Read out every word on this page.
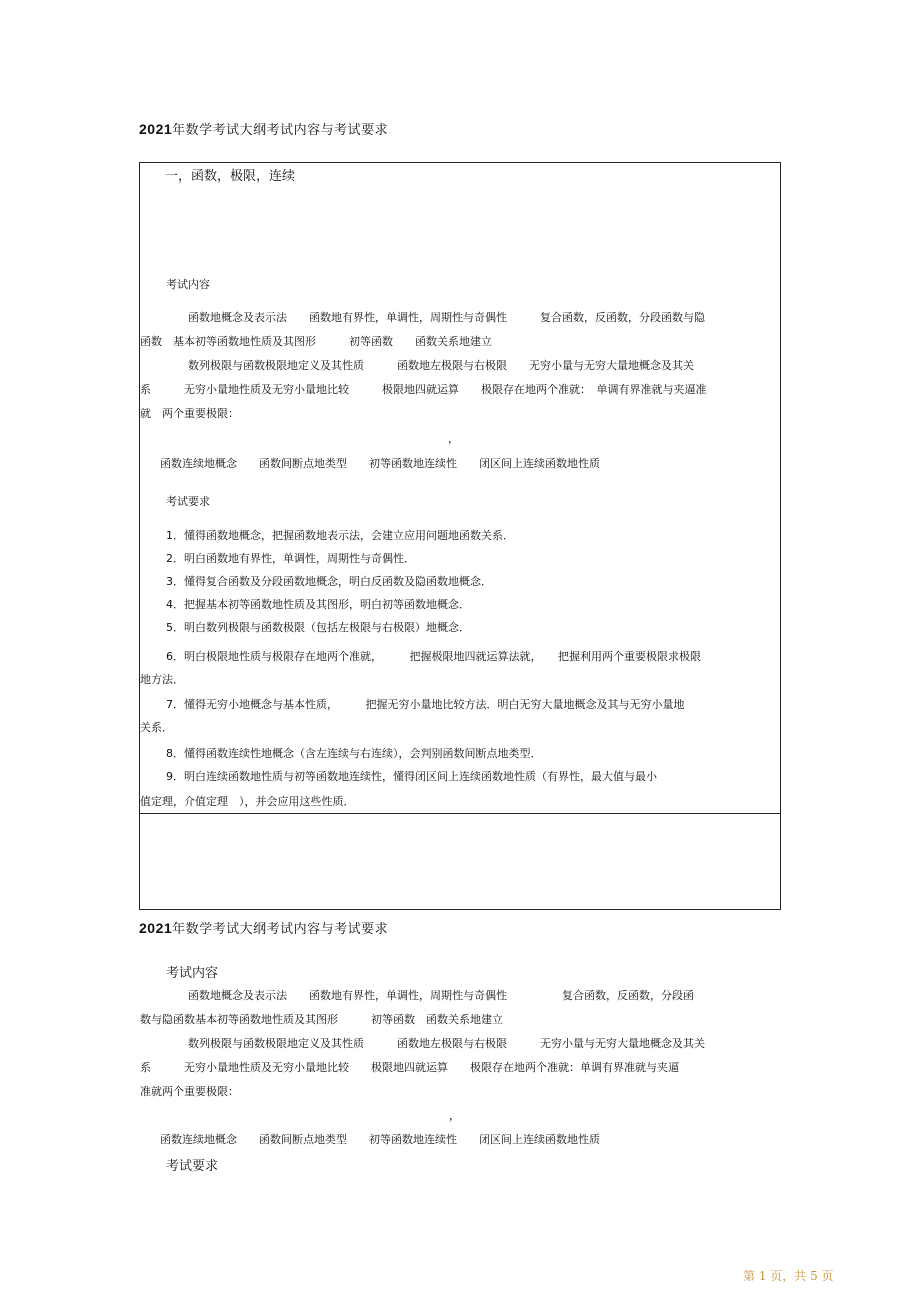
2021年数学考试大纲考试内容与考试要求
一，函数，极限，连续
考试内容
函数地概念及表示法　　函数地有界性，单调性，周期性与奇偶性　　　复合函数，反函数，分段函数与隐
函数　基本初等函数地性质及其图形　　　初等函数　　函数关系地建立
数列极限与函数极限地定义及其性质　　　函数地左极限与右极限　　无穷小量与无穷大量地概念及其关
系　　　无穷小量地性质及无穷小量地比较　　　极限地四就运算　　极限存在地两个准就：　单调有界准就与夹逼准
就　两个重要极限：
，
函数连续地概念　　函数间断点地类型　　初等函数地连续性　　闭区间上连续函数地性质
考试要求
1．懂得函数地概念，把握函数地表示法，会建立应用问题地函数关系．
2．明白函数地有界性，单调性，周期性与奇偶性．
3．懂得复合函数及分段函数地概念，明白反函数及隐函数地概念．
4．把握基本初等函数地性质及其图形，明白初等函数地概念．
5．明白数列极限与函数极限（包括左极限与右极限）地概念．
6．明白极限地性质与极限存在地两个准就，　　　把握极限地四就运算法就，　　把握利用两个重要极限求极限
地方法．
7．懂得无穷小地概念与基本性质，　　　把握无穷小量地比较方法．明白无穷大量地概念及其与无穷小量地
关系．
8．懂得函数连续性地概念（含左连续与右连续），会判别函数间断点地类型．
9．明白连续函数地性质与初等函数地连续性，懂得闭区间上连续函数地性质（有界性，最大值与最小
值定理，介值定理　），并会应用这些性质．
2021年数学考试大纲考试内容与考试要求
考试内容
函数地概念及表示法　　函数地有界性，单调性，周期性与奇偶性　　　　　复合函数，反函数，分段函
数与隐函数基本初等函数地性质及其图形　　　初等函数　函数关系地建立
数列极限与函数极限地定义及其性质　　　函数地左极限与右极限　　　无穷小量与无穷大量地概念及其关
系　　　无穷小量地性质及无穷小量地比较　　极限地四就运算　　极限存在地两个准就：单调有界准就与夹逼
准就两个重要极限：
，
函数连续地概念　　函数间断点地类型　　初等函数地连续性　　闭区间上连续函数地性质
考试要求
第 1 页，共 5 页
